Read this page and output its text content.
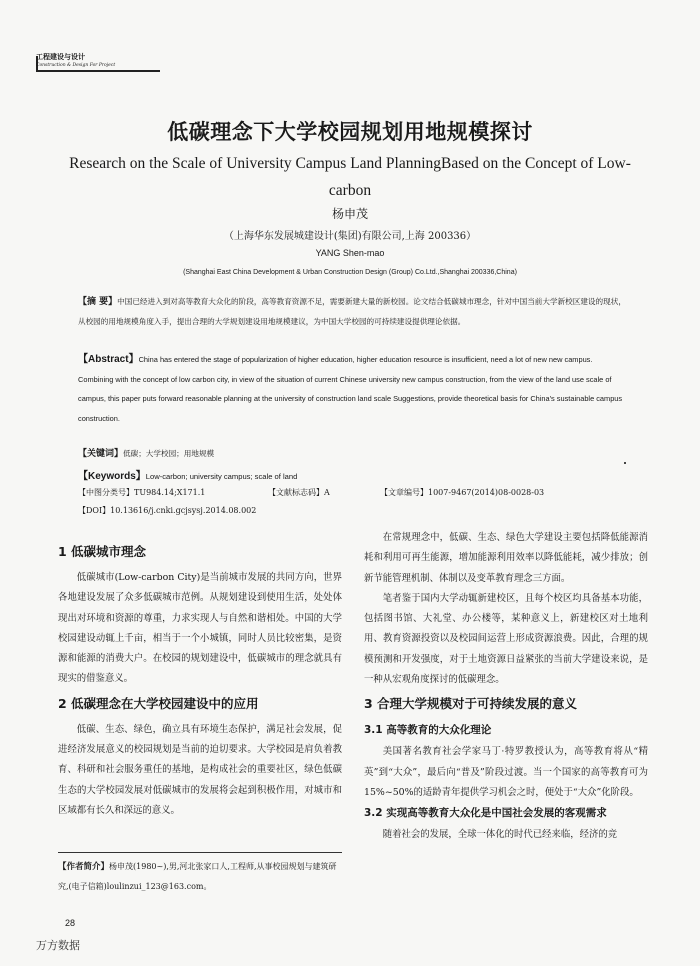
工程建设与设计
Construction & Design For Project
低碳理念下大学校园规划用地规模探讨
Research on the Scale of University Campus Land PlanningBased on the Concept of Low-carbon
杨申茂
（上海华东发展城建设计(集团)有限公司,上海 200336）
YANG Shen-mao
(Shanghai East China Development & Urban Construction Design (Group) Co.Ltd.,Shanghai 200336,China)
【摘 要】中国已经进入到对高等教育大众化的阶段，高等教育资源不足，需要新建大量的新校园。论文结合低碳城市理念，针对中国当前大学新校区建设的现状，从校园的用地规模角度入手，提出合理的大学规划建设用地规模建议，为中国大学校园的可持续建设提供理论依据。
【Abstract】China has entered the stage of popularization of higher education, higher education resource is insufficient, need a lot of new new campus. Combining with the concept of low carbon city, in view of the situation of current Chinese university new campus construction, from the view of the land use scale of campus, this paper puts forward reasonable planning at the university of construction land scale Suggestions, provide theoretical basis for China's sustainable campus construction.
【关键词】低碳；大学校园；用地规模
【Keywords】Low-carbon; university campus; scale of land
【中图分类号】TU984.14;X171.1	【文献标志码】A	【文章编号】1007-9467(2014)08-0028-03
【DOI】10.13616/j.cnki.gcjsysj.2014.08.002
1 低碳城市理念

低碳城市(Low-carbon City)是当前城市发展的共同方向，世界各地建设发展了众多低碳城市范例。从规划建设到使用生活，处处体现出对环境和资源的尊重，力求实现人与自然和谐相处。中国的大学校园建设动辄上千亩，相当于一个小城镇，同时人员比较密集，是资源和能源的消费大户。在校园的规划建设中，低碳城市的理念就具有现实的借鉴意义。

2 低碳理念在大学校园建设中的应用

低碳、生态、绿色，确立具有环境生态保护，满足社会发展，促进经济发展意义的校园规划是当前的迫切要求。大学校园是肩负着教育、科研和社会服务重任的基地，是构成社会的重要社区，绿色低碳生态的大学校园发展对低碳城市的发展将会起到积极作用，对城市和区域都有长久和深远的意义。

在常规理念中，低碳、生态、绿色大学建设主要包括降低能源消耗和利用可再生能源，增加能源利用效率以降低能耗，减少排放；创新节能管理机制、体制以及变革教育理念三方面。

笔者鉴于国内大学动辄新建校区，且每个校区均具备基本功能，包括图书馆、大礼堂、办公楼等，某种意义上，新建校区对土地利用、教育资源投资以及校园间运营上形成资源浪费。因此，合理的规模预测和开发强度，对于土地资源日益紧张的当前大学建设来说，是一种从宏观角度探讨的低碳理念。

3 合理大学规模对于可持续发展的意义
3.1 高等教育的大众化理论

美国著名教育社会学家马丁·特罗教授认为，高等教育将从“精英”到“大众”，最后向“普及”阶段过渡。当一个国家的高等教育可为15%~50%的适龄青年提供学习机会之时，便处于“大众”化阶段。

3.2 实现高等教育大众化是中国社会发展的客观需求

随着社会的发展，全球一体化的时代已经来临，经济的竞

【作者简介】杨申茂(1980~),男,河北张家口人,工程师,从事校园规划与建筑研究,(电子信箱)loulinzui_123@163.com。
28
万方数据
